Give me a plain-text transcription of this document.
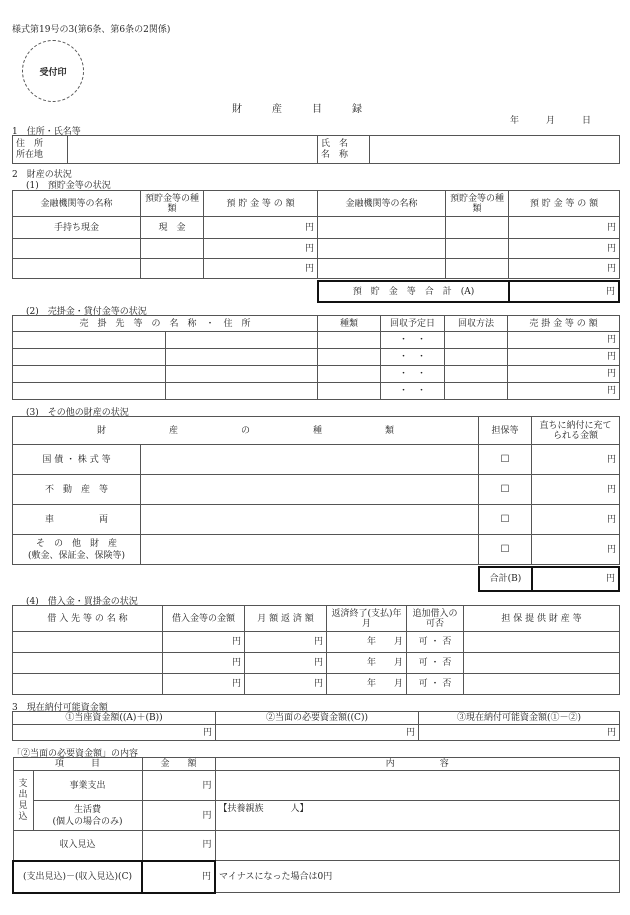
様式第19号の3(第6条、第6条の2関係)
受付印
財　　　産　　　目　　　録
年　　　月　　　日
1　住所・氏名等
住　所
所在地		氏　名
名　称	
2　財産の状況
(1)　預貯金等の状況
金融機関等の名称	預貯金等の種類	預 貯 金 等 の 額	金融機関等の名称	預貯金等の種類	預 貯 金 等 の 額
手持ち現金	現　金	円			円
		円			円
		円			円
預　貯　金　等　合　計　(A)	円
(2)　売掛金・貸付金等の状況
売　掛　先　等　の　名　称　・　住　所		種類	回収予定日	回収方法	売 掛 金 等 の 額
			・　・		円
			・　・		円
			・　・		円
			・　・		円
(3)　その他の財産の状況
財　　　　　　　産　　　　　　　の　　　　　　　種　　　　　　　類		担保等	直ちに納付に充てられる金額
国 債 ・ 株 式 等		☐	円
不　動　産　等		☐	円
車　　　　　両		☐	円

そ　の　他　財　産
(敷金、保証金、保険等)		☐	円
合計(B)	円
(4)　借入金・買掛金の状況
借 入 先 等 の 名 称	借入金等の金額	月 額 返 済 額	返済終了(支払)年月	追加借入の可否	担 保 提 供 財 産 等
	円	円	年　　月	可 ・ 否	
	円	円	年　　月	可 ・ 否	
	円	円	年　　月	可 ・ 否	
3　現在納付可能資金額
①当座資金額((A)＋(B))	②当面の必要資金額((C))	③現在納付可能資金額(①－②)
円	円	円
「②当面の必要資金額」の内容
項　　　目		金　　額	内　　　　　容
支出見込	事業支出	円	

	生活費
(個人の場合のみ)	円	【扶養親族　　　人】
収入見込		円	
(支出見込)－(収入見込)(C)		円	マイナスになった場合は0円
